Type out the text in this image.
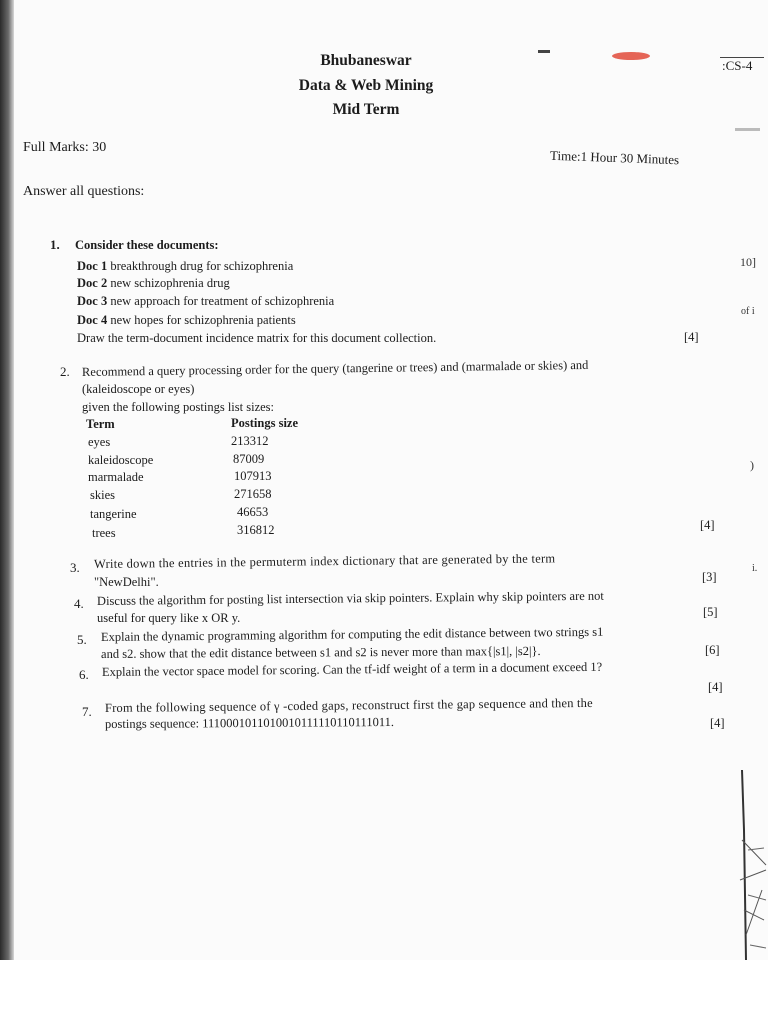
Bhubaneswar
Data & Web Mining
Mid Term
:CS-4
Full Marks: 30
Time:1 Hour 30 Minutes
Answer all questions:
1. Consider these documents:
Doc 1 breakthrough drug for schizophrenia
Doc 2 new schizophrenia drug
Doc 3 new approach for treatment of schizophrenia
Doc 4 new hopes for schizophrenia patients
Draw the term-document incidence matrix for this document collection.	[4]
2. Recommend a query processing order for the query (tangerine or trees) and (marmalade or skies) and
(kaleidoscope or eyes)
given the following postings list sizes:
Term	Postings size
eyes	213312
kaleidoscope	87009
marmalade	107913
skies	271658
tangerine	46653
trees	316812	[4]
3. Write down the entries in the permuterm index dictionary that are generated by the term
"NewDelhi".	[3]
4. Discuss the algorithm for posting list intersection via skip pointers. Explain why skip pointers are not
useful for query like x OR y.	[5]
5. Explain the dynamic programming algorithm for computing the edit distance between two strings s1
and s2. show that the edit distance between s1 and s2 is never more than max{|s1|, |s2|}.	[6]
6. Explain the vector space model for scoring. Can the tf-idf weight of a term in a document exceed 1?
[4]
7. From the following sequence of γ -coded gaps, reconstruct first the gap sequence and then the
postings sequence: 1110001011010010111110110111011.	[4]
10]
of i
)
i.
